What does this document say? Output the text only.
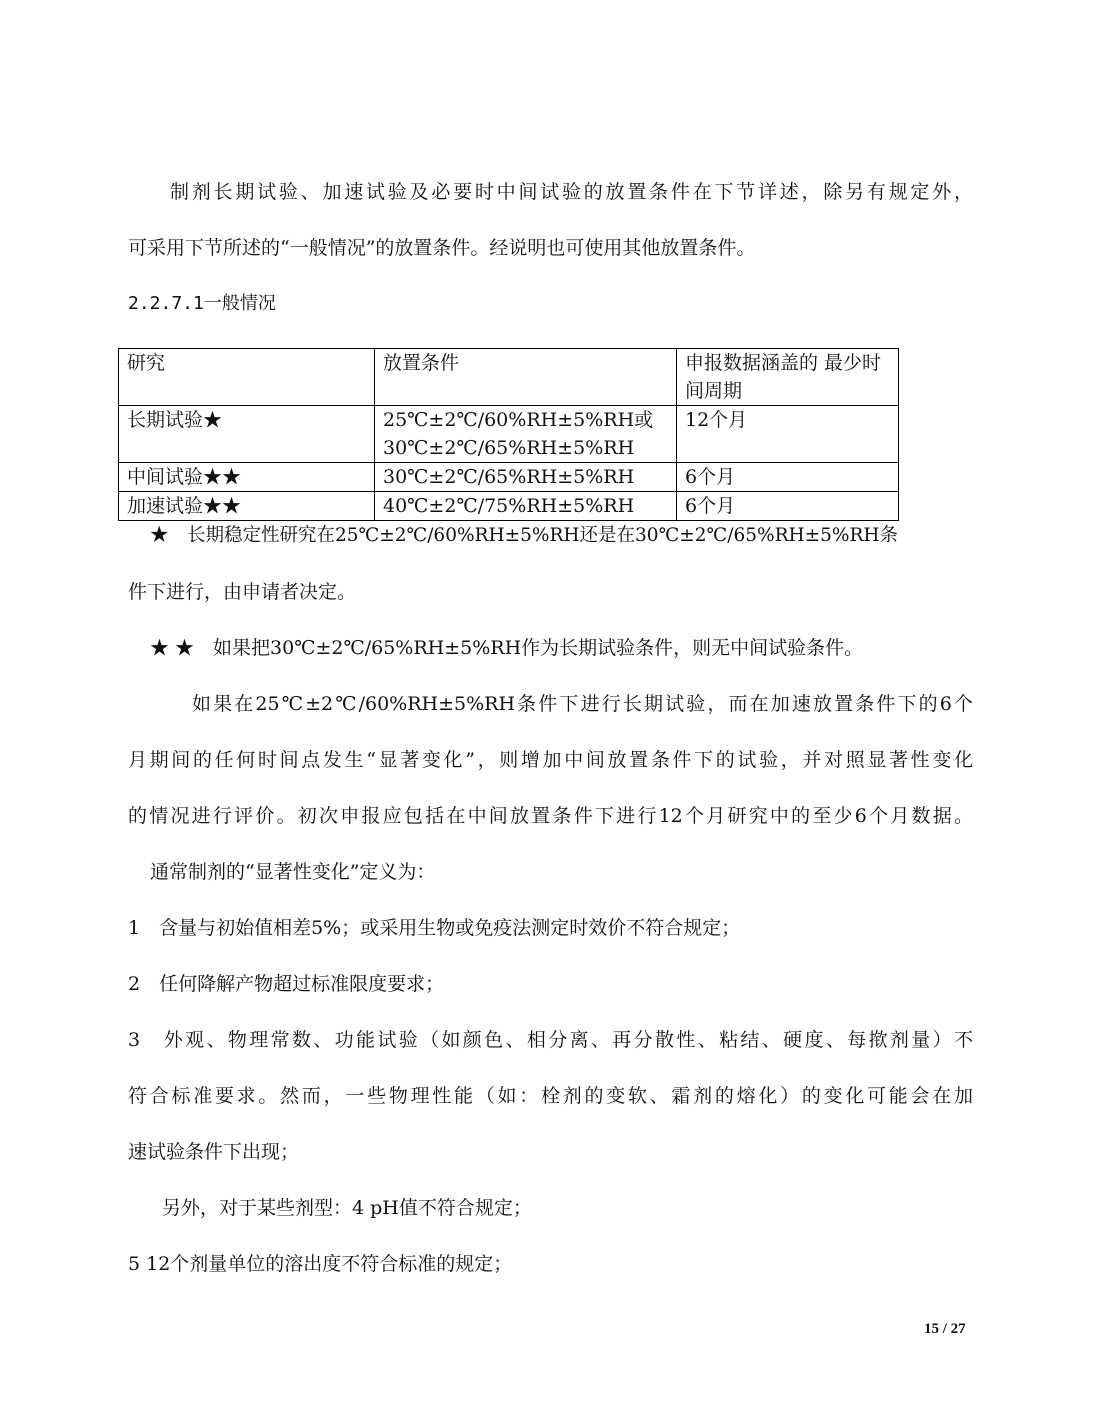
制剂长期试验、加速试验及必要时中间试验的放置条件在下节详述，除另有规定外，
可采用下节所述的“一般情况”的放置条件。经说明也可使用其他放置条件。
2.2.7.1一般情况
研究	放置条件	申报数据涵盖的 最少时间周期
长期试验★	25℃±2℃/60%RH±5%RH或
30℃±2℃/65%RH±5%RH	12个月
中间试验★★	30℃±2℃/65%RH±5%RH	6个月
加速试验★★	40℃±2℃/75%RH±5%RH	6个月
★　长期稳定性研究在25℃±2℃/60%RH±5%RH还是在30℃±2℃/65%RH±5%RH条
件下进行，由申请者决定。
★ ★　如果把30℃±2℃/65%RH±5%RH作为长期试验条件，则无中间试验条件。
如果在25℃±2℃/60%RH±5%RH条件下进行长期试验，而在加速放置条件下的6个
月期间的任何时间点发生“显著变化”，则增加中间放置条件下的试验，并对照显著性变化
的情况进行评价。初次申报应包括在中间放置条件下进行12个月研究中的至少6个月数据。
通常制剂的“显著性变化”定义为：
1　含量与初始值相差5%；或采用生物或免疫法测定时效价不符合规定；
2　任何降解产物超过标准限度要求；
3　外观、物理常数、功能试验（如颜色、相分离、再分散性、粘结、硬度、每揿剂量）不
符合标准要求。然而，一些物理性能（如：栓剂的变软、霜剂的熔化）的变化可能会在加
速试验条件下出现；
另外，对于某些剂型：4 pH值不符合规定；
5 12个剂量单位的溶出度不符合标准的规定；
15 / 27
